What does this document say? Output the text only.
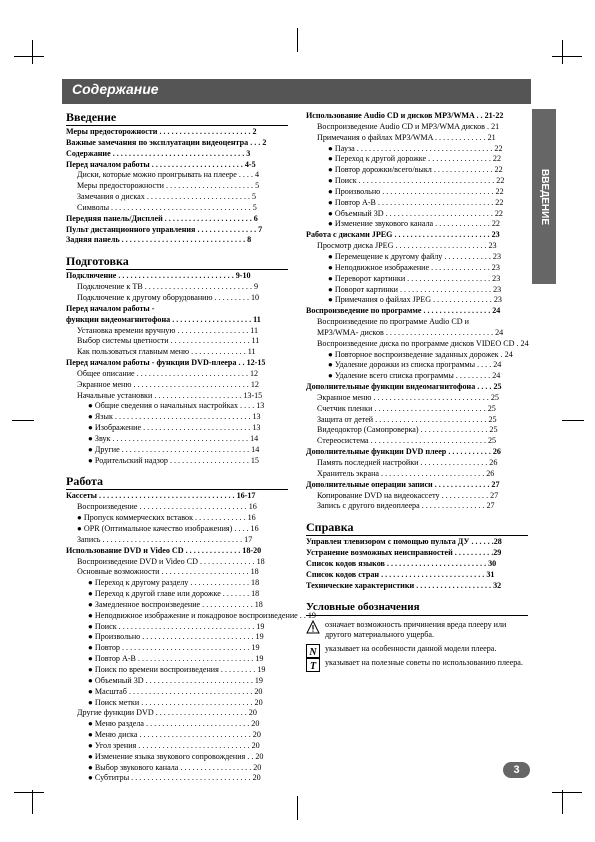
Содержание
ВВЕДЕНИЕ
Введение
Меры предосторожности . . . . . . . . . . . . . . . . . . . . . . . 2
Важные замечания по эксплуатации видеоцентра . . . 2
Содержание . . . . . . . . . . . . . . . . . . . . . . . . . . . . . . . . . 3
Перед началом работы . . . . . . . . . . . . . . . . . . . . . . . 4-5
Диски, которые можно проигрывать на плеере . . . . 4
Меры предосторожности . . . . . . . . . . . . . . . . . . . . . . 5
Замечания о дисках . . . . . . . . . . . . . . . . . . . . . . . . . . 5
Символы . . . . . . . . . . . . . . . . . . . . . . . . . . . . . . . . . . . 5
Передняя панель/Дисплей . . . . . . . . . . . . . . . . . . . . . . 6
Пульт дистанционного управления . . . . . . . . . . . . . . . 7
Задняя панель . . . . . . . . . . . . . . . . . . . . . . . . . . . . . . . 8
Подготовка
Подключение . . . . . . . . . . . . . . . . . . . . . . . . . . . . . 9-10
Подключение к ТВ . . . . . . . . . . . . . . . . . . . . . . . . . . . 9
Подключение к другому оборудованию . . . . . . . . . 10
Перед началом работы -
функции видеомагнитофона . . . . . . . . . . . . . . . . . . . . 11
Установка времени вручную . . . . . . . . . . . . . . . . . . 11
Выбор системы цветности . . . . . . . . . . . . . . . . . . . . 11
Как пользоваться главным меню . . . . . . . . . . . . . . 11
Перед началом работы - функции DVD-плеера . . 12-15
Общее описание . . . . . . . . . . . . . . . . . . . . . . . . . . . . 12
Экранное меню . . . . . . . . . . . . . . . . . . . . . . . . . . . . . 12
Начальные установки . . . . . . . . . . . . . . . . . . . . . . 13-15
● Общие сведения о начальных настройках . . . . 13
● Язык . . . . . . . . . . . . . . . . . . . . . . . . . . . . . . . . . . 13
● Изображение . . . . . . . . . . . . . . . . . . . . . . . . . . . 13
● Звук . . . . . . . . . . . . . . . . . . . . . . . . . . . . . . . . . . 14
● Другие . . . . . . . . . . . . . . . . . . . . . . . . . . . . . . . . 14
● Родительский надзор . . . . . . . . . . . . . . . . . . . . 15
Работа
Кассеты . . . . . . . . . . . . . . . . . . . . . . . . . . . . . . . . . . 16-17
Воспроизведение . . . . . . . . . . . . . . . . . . . . . . . . . . . 16
● Пропуск коммерческих вставок . . . . . . . . . . . . . 16
● OPR (Оптимальное качество изображения) . . . . 16
Запись . . . . . . . . . . . . . . . . . . . . . . . . . . . . . . . . . . . 17
Использование DVD и Video CD . . . . . . . . . . . . . . 18-20
Воспроизведение DVD и Video CD . . . . . . . . . . . . . . 18
Основные возможности . . . . . . . . . . . . . . . . . . . . . . 18
● Переход к другому разделу . . . . . . . . . . . . . . . 18
● Переход к другой главе или дорожке . . . . . . . 18
● Замедленное воспроизведение . . . . . . . . . . . . . 18
● Неподвижное изображение и покадровое воспроизведение . . 19
● Поиск . . . . . . . . . . . . . . . . . . . . . . . . . . . . . . . . . . 19
● Произвольно . . . . . . . . . . . . . . . . . . . . . . . . . . . . 19
● Повтор . . . . . . . . . . . . . . . . . . . . . . . . . . . . . . . . 19
● Повтор A-B . . . . . . . . . . . . . . . . . . . . . . . . . . . . . 19
● Поиск по времени воспроизведения . . . . . . . . . 19
● Объемный 3D . . . . . . . . . . . . . . . . . . . . . . . . . . . 19
● Масштаб . . . . . . . . . . . . . . . . . . . . . . . . . . . . . . . 20
● Поиск метки . . . . . . . . . . . . . . . . . . . . . . . . . . . . 20
Другие функции DVD . . . . . . . . . . . . . . . . . . . . . . . 20
● Меню раздела . . . . . . . . . . . . . . . . . . . . . . . . . . 20
● Меню диска . . . . . . . . . . . . . . . . . . . . . . . . . . . . 20
● Угол зрения . . . . . . . . . . . . . . . . . . . . . . . . . . . . 20
● Изменение языка звукового сопровождения . . 20
● Выбор звукового канала . . . . . . . . . . . . . . . . . . 20
● Субтитры . . . . . . . . . . . . . . . . . . . . . . . . . . . . . . 20
Использование Audio CD и дисков MP3/WMA . . 21-22
Воспроизведение Audio CD и MP3/WMA дисков . 21
Примечания о файлах MP3/WMA . . . . . . . . . . . . . 21
● Пауза . . . . . . . . . . . . . . . . . . . . . . . . . . . . . . . . . . 22
● Переход к другой дорожке . . . . . . . . . . . . . . . . 22
● Повтор дорожки/всего/выкл . . . . . . . . . . . . . . . 22
● Поиск . . . . . . . . . . . . . . . . . . . . . . . . . . . . . . . . . . 22
● Произвольно . . . . . . . . . . . . . . . . . . . . . . . . . . . . 22
● Повтор A-B . . . . . . . . . . . . . . . . . . . . . . . . . . . . . 22
● Объемный 3D . . . . . . . . . . . . . . . . . . . . . . . . . . . 22
● Изменение звукового канала . . . . . . . . . . . . . . 22
Работа с дисками JPEG . . . . . . . . . . . . . . . . . . . . . . . . 23
Просмотр диска JPEG . . . . . . . . . . . . . . . . . . . . . . . 23
● Перемещение к другому файлу . . . . . . . . . . . . 23
● Неподвижное изображение . . . . . . . . . . . . . . . 23
● Переворот картинки . . . . . . . . . . . . . . . . . . . . . 23
● Поворот картинки . . . . . . . . . . . . . . . . . . . . . . . 23
● Примечания о файлах JPEG . . . . . . . . . . . . . . . 23
Воспроизведение по программе . . . . . . . . . . . . . . . . . 24
Воспроизведение по программе Audio CD и
MP3/WMA- дисков . . . . . . . . . . . . . . . . . . . . . . . . . . . 24
Воспроизведение диска по программе дисков VIDEO CD . 24
● Повторное воспроизведение заданных дорожек . 24
● Удаление дорожки из списка программы . . . . 24
● Удаление всего списка программы . . . . . . . . . 24
Дополнительные функции видеомагнитофона . . . . 25
Экранное меню . . . . . . . . . . . . . . . . . . . . . . . . . . . . . 25
Счетчик пленки . . . . . . . . . . . . . . . . . . . . . . . . . . . . 25
Защита от детей . . . . . . . . . . . . . . . . . . . . . . . . . . . . 25
Видеодоктор (Самопроверка) . . . . . . . . . . . . . . . . . 25
Стереосистема . . . . . . . . . . . . . . . . . . . . . . . . . . . . . 25
Дополнительные функции DVD плеер . . . . . . . . . . . 26
Память последней настройки . . . . . . . . . . . . . . . . . 26
Хранитель экрана . . . . . . . . . . . . . . . . . . . . . . . . . . 26
Дополнительные операции записи . . . . . . . . . . . . . . 27
Копирование DVD на видеокассету . . . . . . . . . . . . 27
Запись с другого видеоплеера . . . . . . . . . . . . . . . . 27
Справка
Управлен тлевизором с помощью пульта ДУ . . . . . .28
Устранение возможных неисправностей . . . . . . . . . .29
Список кодов языков . . . . . . . . . . . . . . . . . . . . . . . . . 30
Список кодов стран . . . . . . . . . . . . . . . . . . . . . . . . . . 31
Технические характеристики . . . . . . . . . . . . . . . . . . . 32
Условные обозначения
означает возможность причинения вреда плееру или другого материального ущерба.
N указывает на особенности данной модели плеера.
T указывает на полезные советы по использованию плеера.
3
